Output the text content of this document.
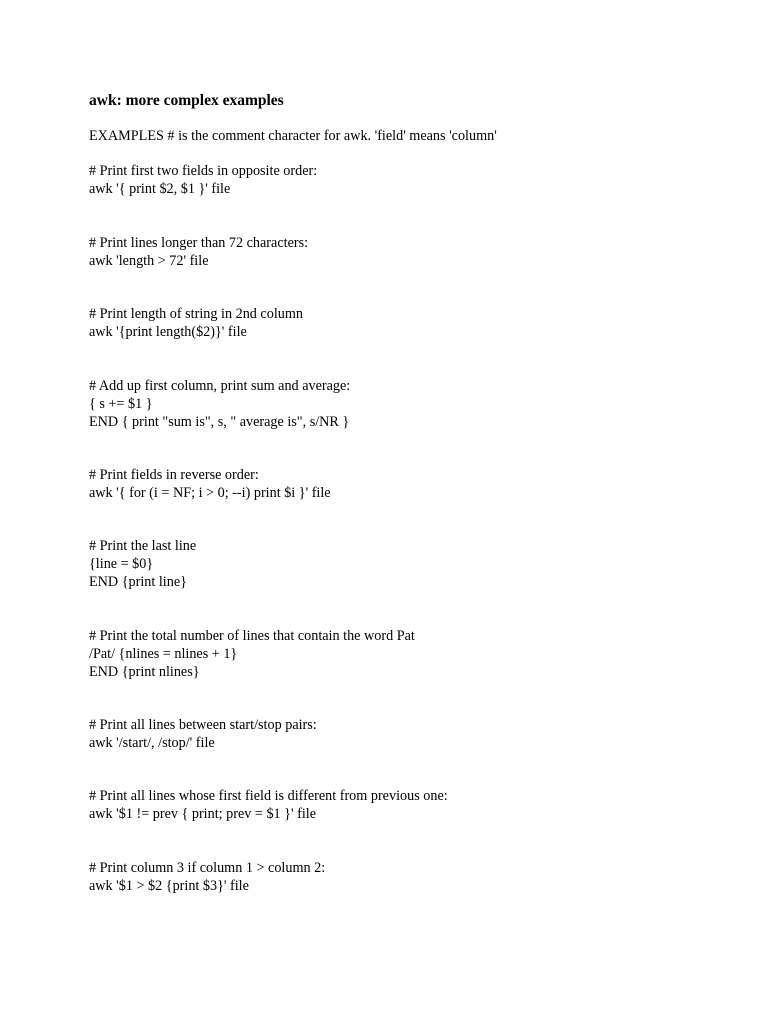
awk: more complex examples
EXAMPLES # is the comment character for awk. 'field' means 'column'
# Print first two fields in opposite order:
awk '{ print $2, $1 }' file
# Print lines longer than 72 characters:
awk 'length > 72' file
# Print length of string in 2nd column
awk '{print length($2)}' file
# Add up first column, print sum and average:
{ s += $1 }
END { print "sum is", s, " average is", s/NR }
# Print fields in reverse order:
awk '{ for (i = NF; i > 0; --i) print $i }' file
# Print the last line
{line = $0}
END {print line}
# Print the total number of lines that contain the word Pat
/Pat/ {nlines = nlines + 1}
END {print nlines}
# Print all lines between start/stop pairs:
awk '/start/, /stop/' file
# Print all lines whose first field is different from previous one:
awk '$1 != prev { print; prev = $1 }' file
# Print column 3 if column 1 > column 2:
awk '$1 > $2 {print $3}' file
